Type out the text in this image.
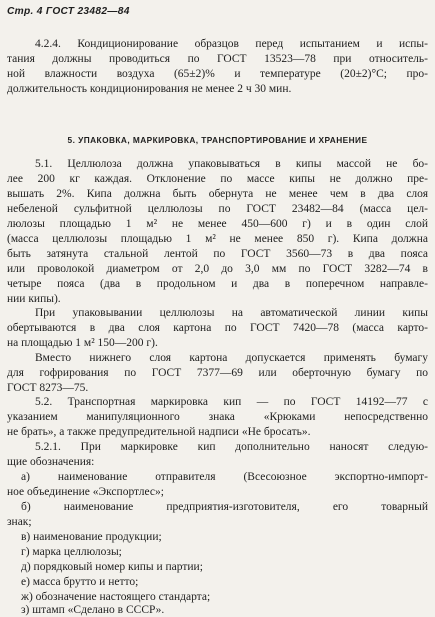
Стр. 4 ГОСТ 23482—84
4.2.4. Кондиционирование образцов перед испытанием и испы-
тания должны проводиться по ГОСТ 13523—78 при относитель-
ной влажности воздуха (65±2)% и температуре (20±2)°С; про-
должительность кондиционирования не менее 2 ч 30 мин.
5. УПАКОВКА, МАРКИРОВКА, ТРАНСПОРТИРОВАНИЕ И ХРАНЕНИЕ
5.1. Целлюлоза должна упаковываться в кипы массой не бо-
лее 200 кг каждая. Отклонение по массе кипы не должно пре-
вышать 2%. Кипа должна быть обернута не менее чем в два слоя
небеленой сульфитной целлюлозы по ГОСТ 23482—84 (масса цел-
люлозы площадью 1 м² не менее 450—600 г) и в один слой
(масса целлюлозы площадью 1 м² не менее 850 г). Кипа должна
быть затянута стальной лентой по ГОСТ 3560—73 в два пояса
или проволокой диаметром от 2,0 до 3,0 мм по ГОСТ 3282—74 в
четыре пояса (два в продольном и два в поперечном направле-
нии кипы).
При упаковывании целлюлозы на автоматической линии кипы
обертываются в два слоя картона по ГОСТ 7420—78 (масса карто-
на площадью 1 м² 150—200 г).
Вместо нижнего слоя картона допускается применять бумагу
для гофрирования по ГОСТ 7377—69 или оберточную бумагу по
ГОСТ 8273—75.
5.2. Транспортная маркировка кип — по ГОСТ 14192—77 с
указанием манипуляционного знака «Крюками непосредственно
не брать», а также предупредительной надписи «Не бросать».
5.2.1. При маркировке кип дополнительно наносят следую-
щие обозначения:
а) наименование отправителя (Всесоюзное экспортно-импорт-
ное объединение «Экспортлес»;
б) наименование предприятия-изготовителя, его товарный
знак;
в) наименование продукции;
г) марка целлюлозы;
д) порядковый номер кипы и партии;
е) масса брутто и нетто;
ж) обозначение настоящего стандарта;
з) штамп «Сделано в СССР».
